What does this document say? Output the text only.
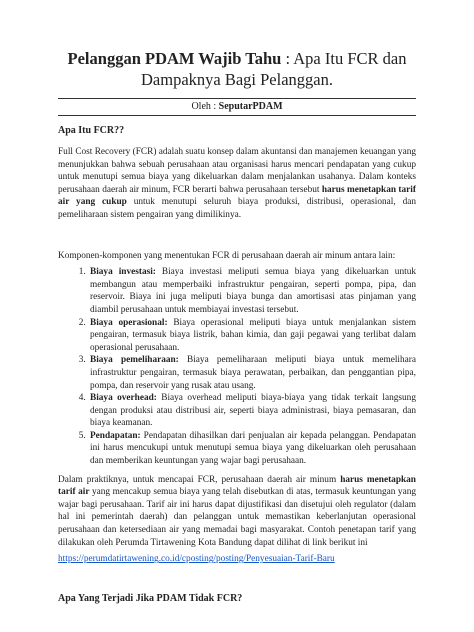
Pelanggan PDAM Wajib Tahu : Apa Itu FCR dan Dampaknya Bagi Pelanggan.
Oleh : SeputarPDAM
Apa Itu FCR??

Full Cost Recovery (FCR) adalah suatu konsep dalam akuntansi dan manajemen keuangan yang menunjukkan bahwa sebuah perusahaan atau organisasi harus mencari pendapatan yang cukup untuk menutupi semua biaya yang dikeluarkan dalam menjalankan usahanya. Dalam konteks perusahaan daerah air minum, FCR berarti bahwa perusahaan tersebut harus menetapkan tarif air yang cukup untuk menutupi seluruh biaya produksi, distribusi, operasional, dan pemeliharaan sistem pengairan yang dimilikinya.

Komponen-komponen yang menentukan FCR di perusahaan daerah air minum antara lain:

1. Biaya investasi: Biaya investasi meliputi semua biaya yang dikeluarkan untuk membangun atau memperbaiki infrastruktur pengairan, seperti pompa, pipa, dan reservoir. Biaya ini juga meliputi biaya bunga dan amortisasi atas pinjaman yang diambil perusahaan untuk membiayai investasi tersebut.
2. Biaya operasional: Biaya operasional meliputi biaya untuk menjalankan sistem pengairan, termasuk biaya listrik, bahan kimia, dan gaji pegawai yang terlibat dalam operasional perusahaan.
3. Biaya pemeliharaan: Biaya pemeliharaan meliputi biaya untuk memelihara infrastruktur pengairan, termasuk biaya perawatan, perbaikan, dan penggantian pipa, pompa, dan reservoir yang rusak atau usang.
4. Biaya overhead: Biaya overhead meliputi biaya-biaya yang tidak terkait langsung dengan produksi atau distribusi air, seperti biaya administrasi, biaya pemasaran, dan biaya keamanan.
5. Pendapatan: Pendapatan dihasilkan dari penjualan air kepada pelanggan. Pendapatan ini harus mencukupi untuk menutupi semua biaya yang dikeluarkan oleh perusahaan dan memberikan keuntungan yang wajar bagi perusahaan.

Dalam praktiknya, untuk mencapai FCR, perusahaan daerah air minum harus menetapkan tarif air yang mencakup semua biaya yang telah disebutkan di atas, termasuk keuntungan yang wajar bagi perusahaan. Tarif air ini harus dapat dijustifikasi dan disetujui oleh regulator (dalam hal ini pemerintah daerah) dan pelanggan untuk memastikan keberlanjutan operasional perusahaan dan ketersediaan air yang memadai bagi masyarakat. Contoh penetapan tarif yang dilakukan oleh Perumda Tirtawening Kota Bandung dapat dilihat di link berikut ini

https://perumdatirtawening.co.id/cposting/posting/Penyesuaian-Tarif-Baru
Apa Yang Terjadi Jika PDAM Tidak FCR?
